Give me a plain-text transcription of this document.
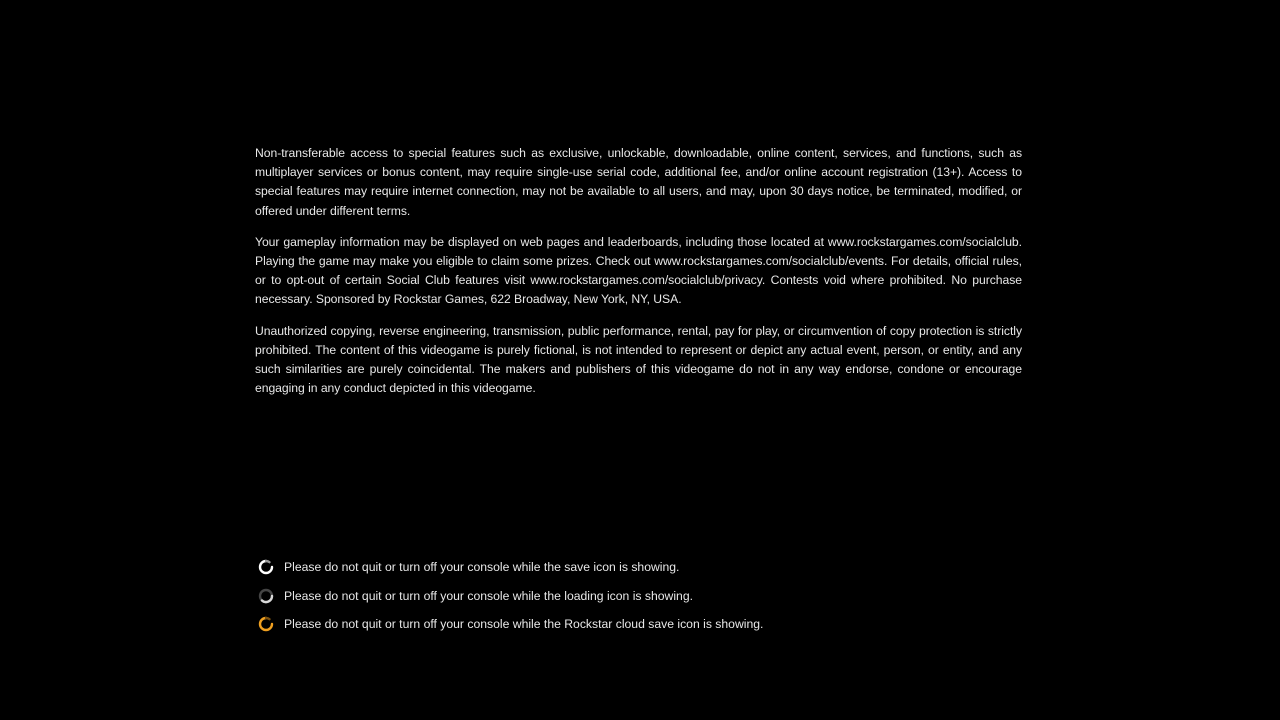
Non-transferable access to special features such as exclusive, unlockable, downloadable, online content, services, and functions, such as multiplayer services or bonus content, may require single-use serial code, additional fee, and/or online account registration (13+). Access to special features may require internet connection, may not be available to all users, and may, upon 30 days notice, be terminated, modified, or offered under different terms.

Your gameplay information may be displayed on web pages and leaderboards, including those located at www.rockstargames.com/socialclub. Playing the game may make you eligible to claim some prizes. Check out www.rockstargames.com/socialclub/events. For details, official rules, or to opt-out of certain Social Club features visit www.rockstargames.com/socialclub/privacy. Contests void where prohibited. No purchase necessary. Sponsored by Rockstar Games, 622 Broadway, New York, NY, USA.

Unauthorized copying, reverse engineering, transmission, public performance, rental, pay for play, or circumvention of copy protection is strictly prohibited. The content of this videogame is purely fictional, is not intended to represent or depict any actual event, person, or entity, and any such similarities are purely coincidental. The makers and publishers of this videogame do not in any way endorse, condone or encourage engaging in any conduct depicted in this videogame.

Please do not quit or turn off your console while the save icon is showing.
Please do not quit or turn off your console while the loading icon is showing.
Please do not quit or turn off your console while the Rockstar cloud save icon is showing.
